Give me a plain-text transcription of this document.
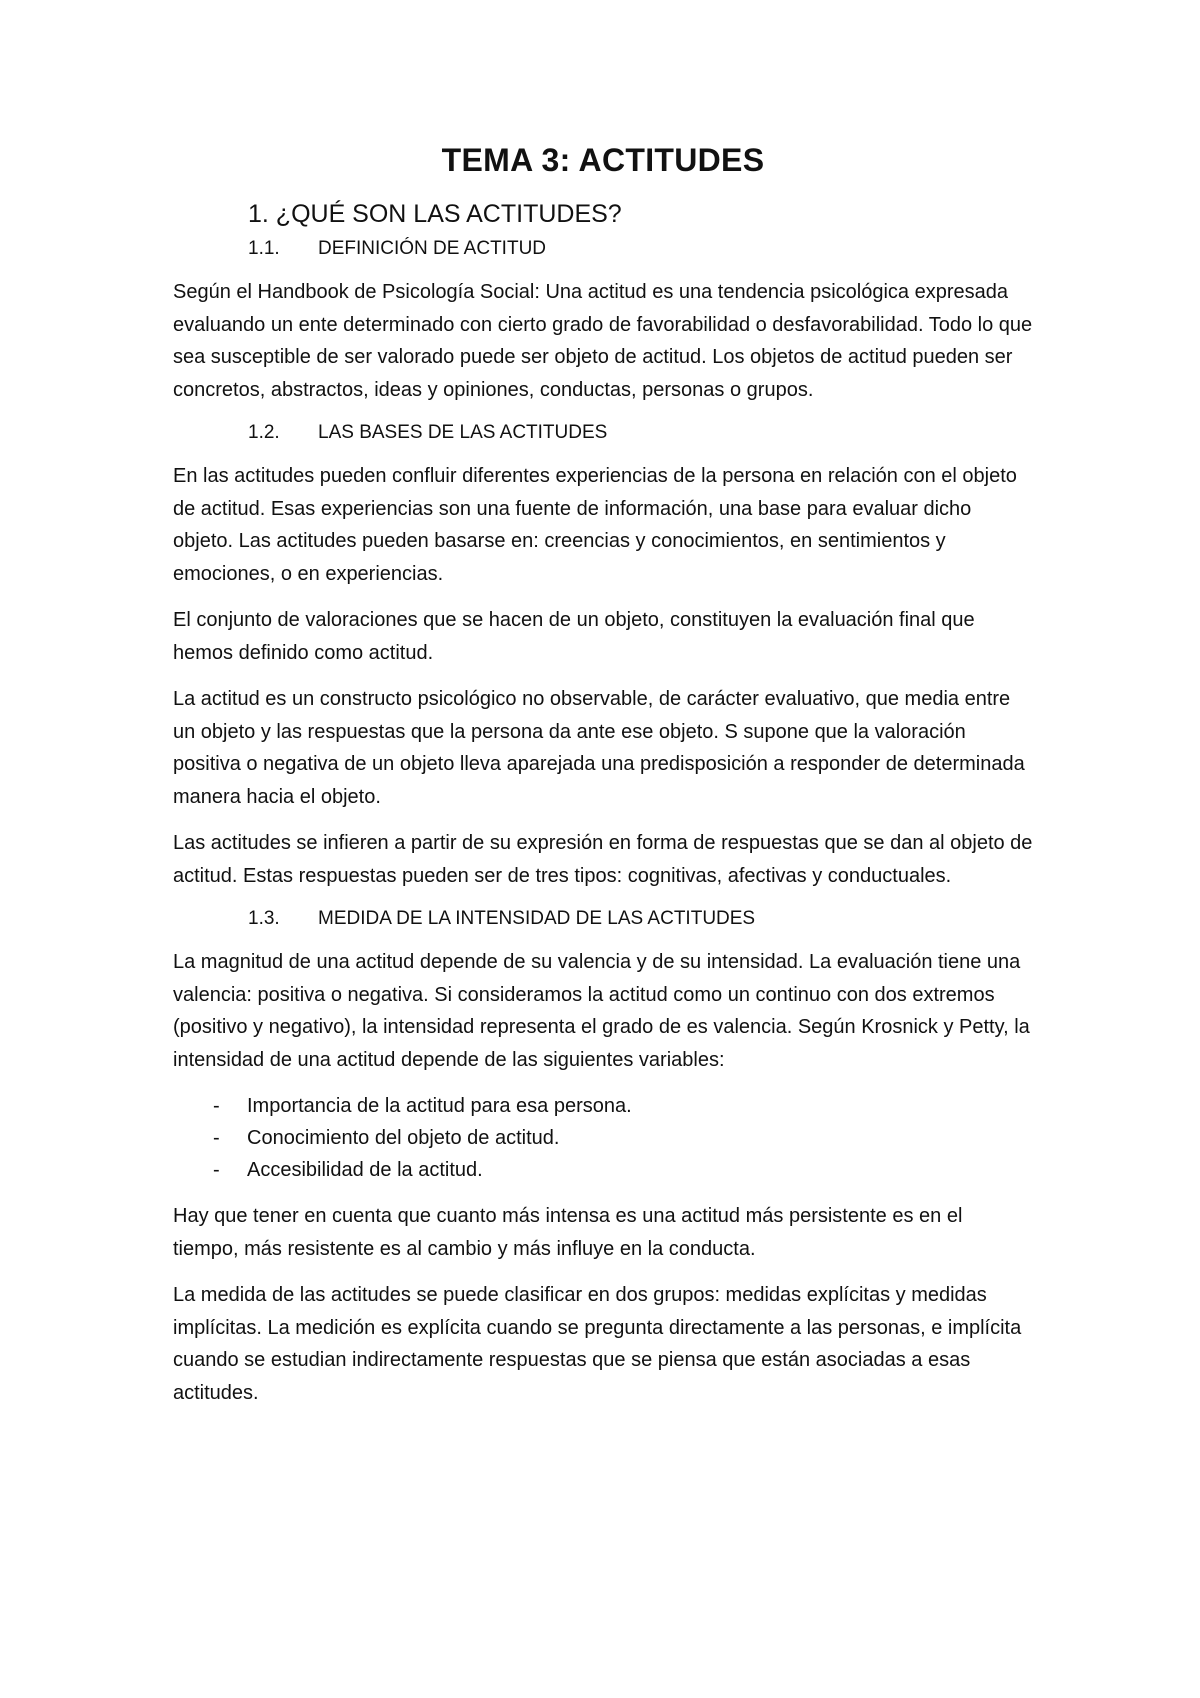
TEMA 3: ACTITUDES
1. ¿QUÉ SON LAS ACTITUDES?
1.1.	DEFINICIÓN DE ACTITUD
Según el Handbook de Psicología Social: Una actitud es una tendencia psicológica expresada evaluando un ente determinado con cierto grado de favorabilidad o desfavorabilidad. Todo lo que sea susceptible de ser valorado puede ser objeto de actitud. Los objetos de actitud pueden ser concretos, abstractos, ideas y opiniones, conductas, personas o grupos.
1.2.	LAS BASES DE LAS ACTITUDES
En las actitudes pueden confluir diferentes experiencias de la persona en relación con el objeto de actitud. Esas experiencias son una fuente de información, una base para evaluar dicho objeto. Las actitudes pueden basarse en: creencias y conocimientos, en sentimientos y emociones, o en experiencias.
El conjunto de valoraciones que se hacen de un objeto, constituyen la evaluación final que hemos definido como actitud.
La actitud es un constructo psicológico no observable, de carácter evaluativo, que media entre un objeto y las respuestas que la persona da ante ese objeto. S supone que la valoración positiva o negativa de un objeto lleva aparejada una predisposición a responder de determinada manera hacia el objeto.
Las actitudes se infieren a partir de su expresión en forma de respuestas que se dan al objeto de actitud. Estas respuestas pueden ser de tres tipos: cognitivas, afectivas y conductuales.
1.3.	MEDIDA DE LA INTENSIDAD DE LAS ACTITUDES
La magnitud de una actitud depende de su valencia y de su intensidad. La evaluación tiene una valencia: positiva o negativa. Si consideramos la actitud como un continuo con dos extremos (positivo y negativo), la intensidad representa el grado de es valencia. Según Krosnick y Petty, la intensidad de una actitud depende de las siguientes variables:
-	Importancia de la actitud para esa persona.
-	Conocimiento del objeto de actitud.
-	Accesibilidad de la actitud.
Hay que tener en cuenta que cuanto más intensa es una actitud más persistente es en el tiempo, más resistente es al cambio y más influye en la conducta.
La medida de las actitudes se puede clasificar en dos grupos: medidas explícitas y medidas implícitas. La medición es explícita cuando se pregunta directamente a las personas, e implícita cuando se estudian indirectamente respuestas que se piensa que están asociadas a esas actitudes.
